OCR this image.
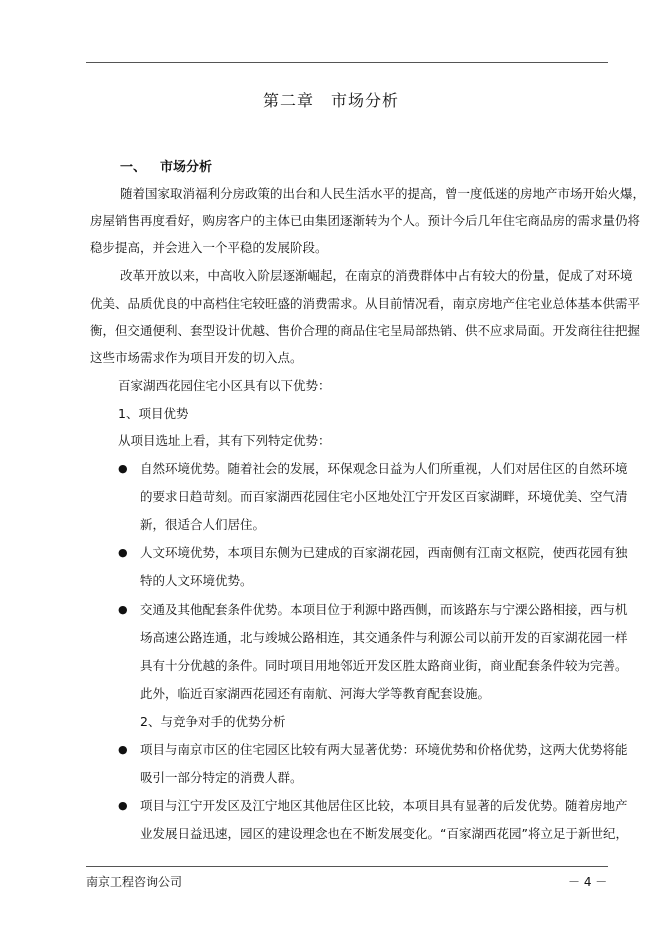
第二章　市场分析
一、 市场分析
随着国家取消福利分房政策的出台和人民生活水平的提高，曾一度低迷的房地产市场开始火爆，
房屋销售再度看好，购房客户的主体已由集团逐渐转为个人。预计今后几年住宅商品房的需求量仍将
稳步提高，并会进入一个平稳的发展阶段。
改革开放以来，中高收入阶层逐渐崛起，在南京的消费群体中占有较大的份量，促成了对环境
优美、品质优良的中高档住宅较旺盛的消费需求。从目前情况看，南京房地产住宅业总体基本供需平
衡，但交通便利、套型设计优越、售价合理的商品住宅呈局部热销、供不应求局面。开发商往往把握
这些市场需求作为项目开发的切入点。
百家湖西花园住宅小区具有以下优势：
1、项目优势
从项目选址上看，其有下列特定优势：
● 自然环境优势。随着社会的发展，环保观念日益为人们所重视，人们对居住区的自然环境
的要求日趋苛刻。而百家湖西花园住宅小区地处江宁开发区百家湖畔，环境优美、空气清
新，很适合人们居住。
● 人文环境优势，本项目东侧为已建成的百家湖花园，西南侧有江南文枢院，使西花园有独
特的人文环境优势。
● 交通及其他配套条件优势。本项目位于利源中路西侧，而该路东与宁溧公路相接，西与机
场高速公路连通，北与竣城公路相连，其交通条件与利源公司以前开发的百家湖花园一样
具有十分优越的条件。同时项目用地邻近开发区胜太路商业街，商业配套条件较为完善。
此外，临近百家湖西花园还有南航、河海大学等教育配套设施。
2、与竞争对手的优势分析
● 项目与南京市区的住宅园区比较有两大显著优势：环境优势和价格优势，这两大优势将能
吸引一部分特定的消费人群。
● 项目与江宁开发区及江宁地区其他居住区比较，本项目具有显著的后发优势。随着房地产
业发展日益迅速，园区的建设理念也在不断发展变化。“百家湖西花园”将立足于新世纪，
南京工程咨询公司	－ 4 －
